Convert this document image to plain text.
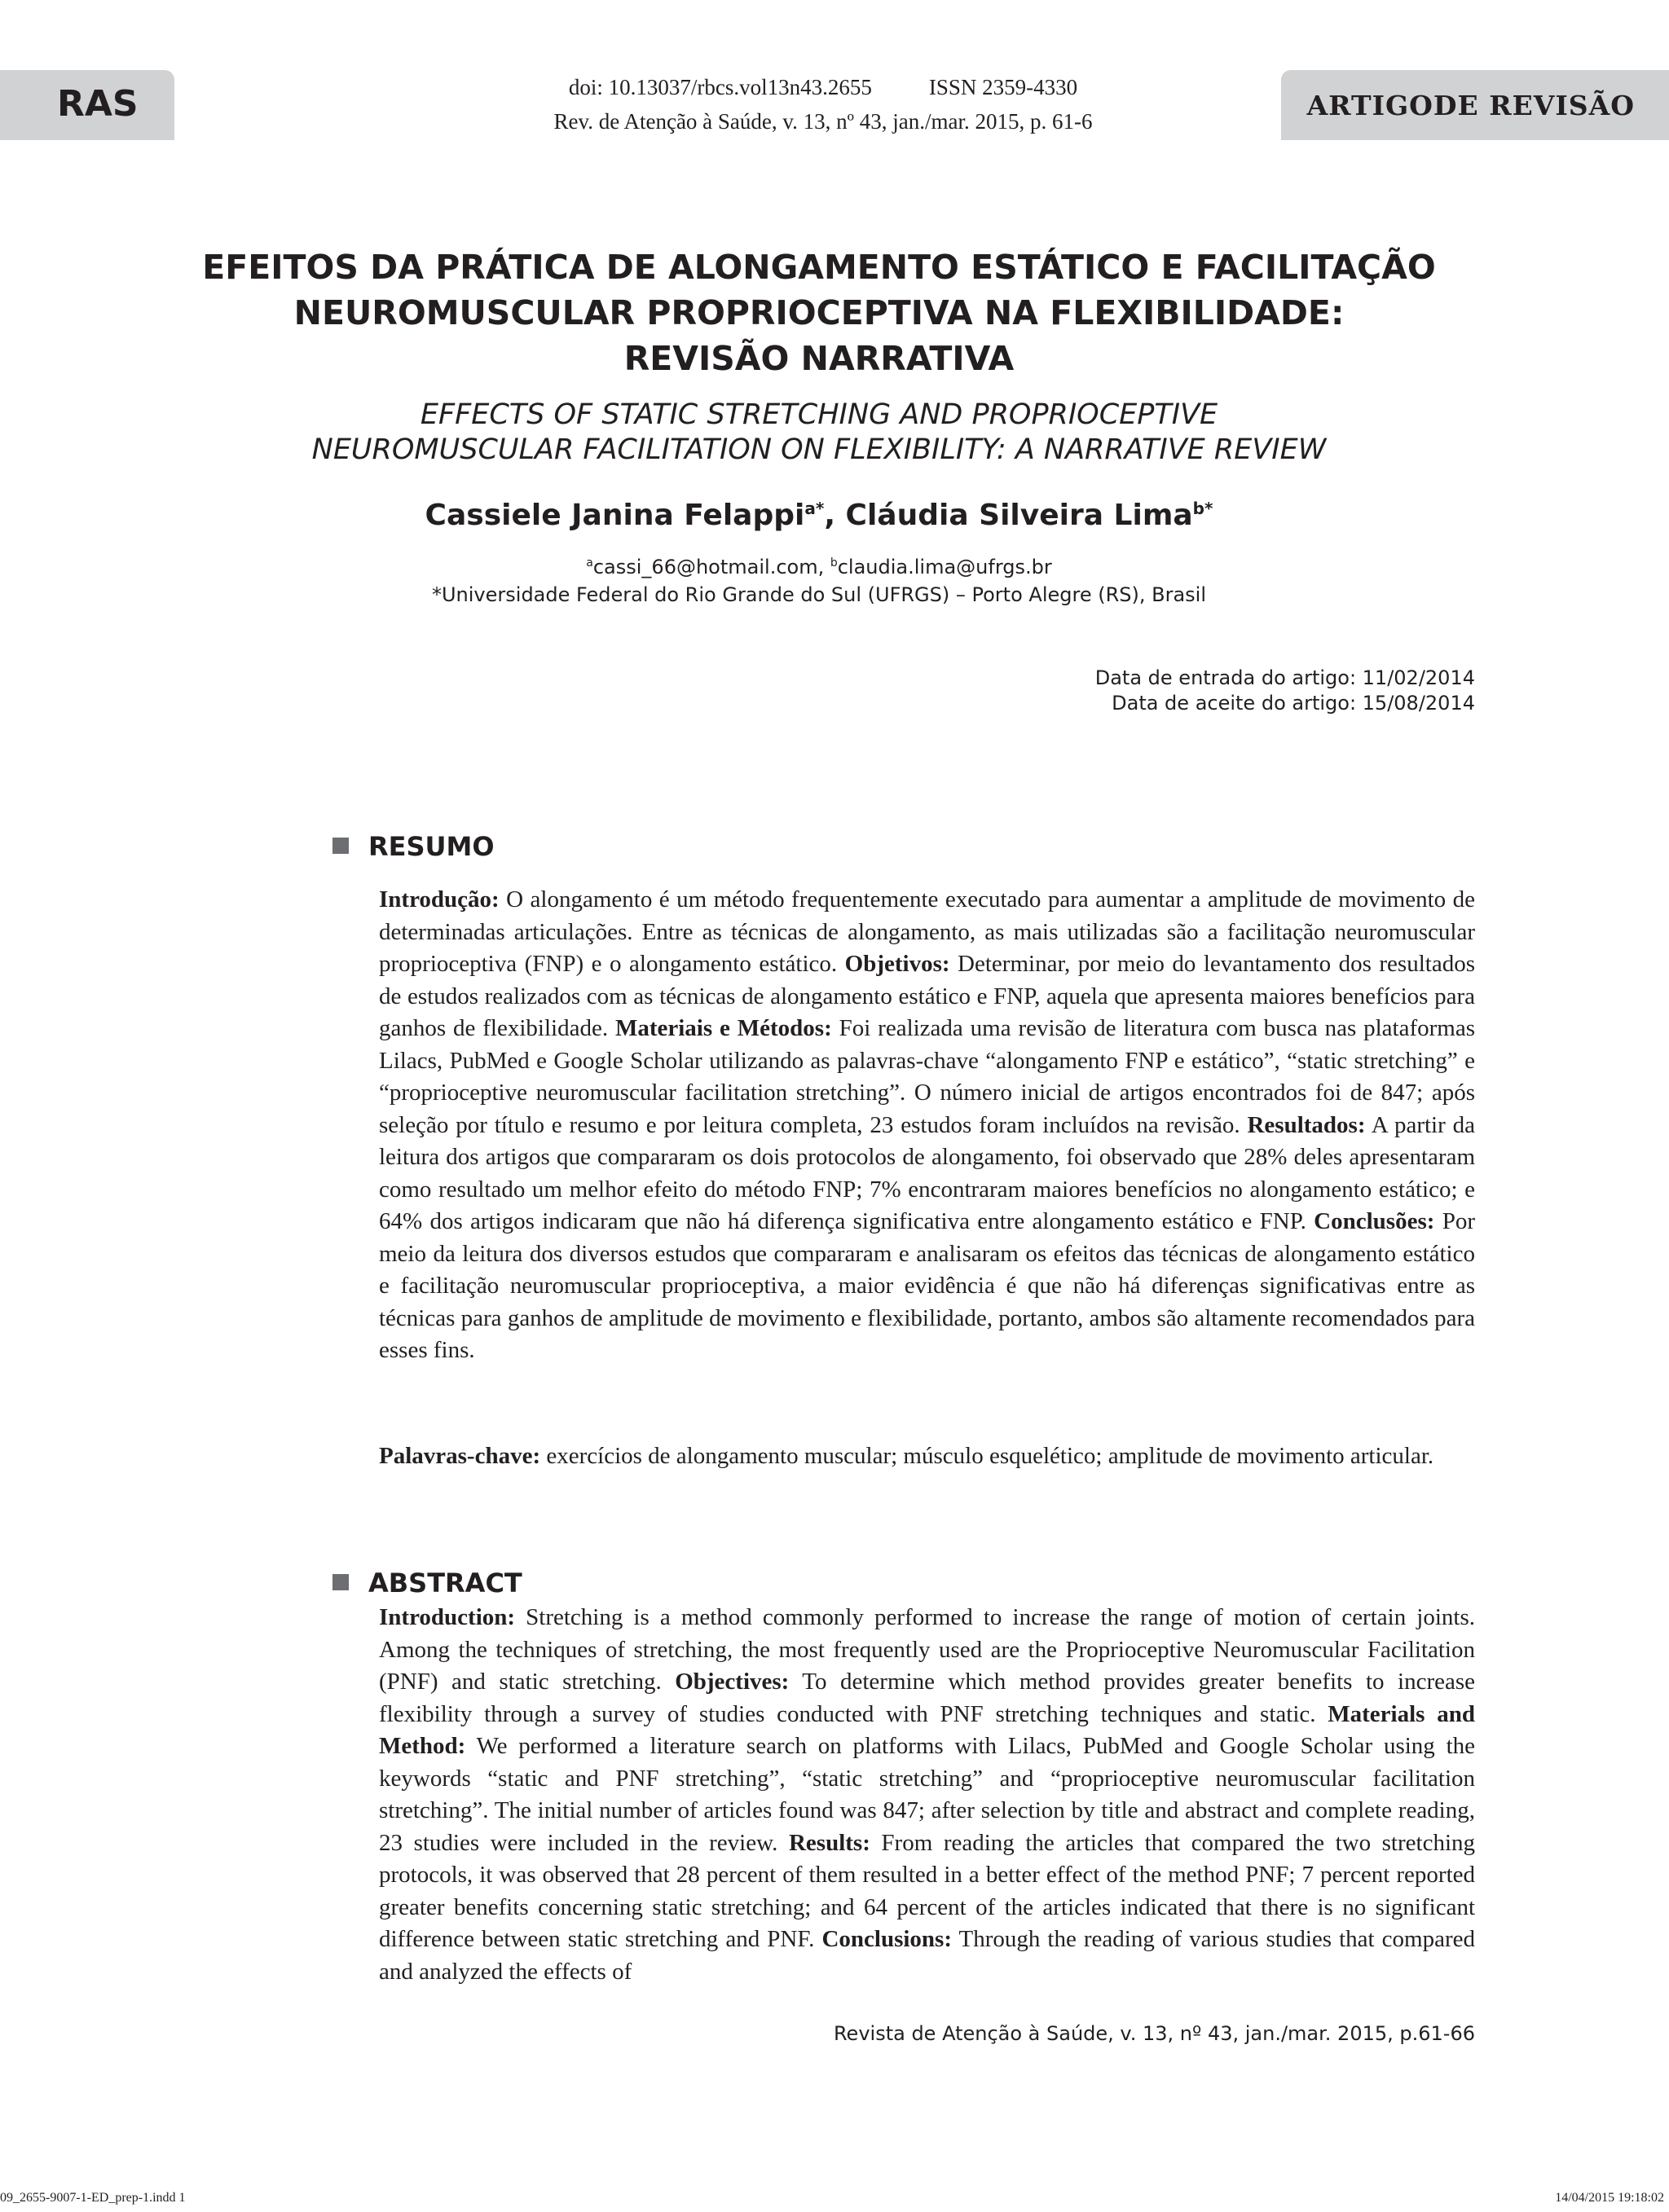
RAS	doi: 10.13037/rbcs.vol13n43.2655	ISSN 2359-4330
Rev. de Atenção à Saúde, v. 13, nº 43, jan./mar. 2015, p. 61-6	ARTIGODE REVISÃO
EFEITOS DA PRÁTICA DE ALONGAMENTO ESTÁTICO E FACILITAÇÃO
NEUROMUSCULAR PROPRIOCEPTIVA NA FLEXIBILIDADE:
REVISÃO NARRATIVA
EFFECTS OF STATIC STRETCHING AND PROPRIOCEPTIVE
NEUROMUSCULAR FACILITATION ON FLEXIBILITY: A NARRATIVE REVIEW
Cassiele Janina Felappi$^{a*}$, Cláudia Silveira Lima$^{b*}$
$^a$cassi_66@hotmail.com, $^b$claudia.lima@ufrgs.br
*Universidade Federal do Rio Grande do Sul (UFRGS) – Porto Alegre (RS), Brasil
Data de entrada do artigo: 11/02/2014
Data de aceite do artigo: 15/08/2014
RESUMO
Introdução: O alongamento é um método frequentemente executado para aumentar a amplitude de movimento de determinadas articulações. Entre as técnicas de alongamento, as mais utilizadas são a facilitação neuromuscular proprioceptiva (FNP) e o alongamento estático. Objetivos: Determinar, por meio do levantamento dos resultados de estudos realizados com as técnicas de alongamento estático e FNP, aquela que apresenta maiores benefícios para ganhos de flexibilidade. Materiais e Métodos: Foi realizada uma revisão de literatura com busca nas plataformas Lilacs, PubMed e Google Scholar utilizando as palavras-chave “alongamento FNP e estático”, “static stretching” e “proprioceptive neuromuscular facilitation stretching”. O número inicial de artigos encontrados foi de 847; após seleção por título e resumo e por leitura completa, 23 estudos foram incluídos na revisão. Resultados: A partir da leitura dos artigos que compararam os dois protocolos de alongamento, foi observado que 28% deles apresentaram como resultado um melhor efeito do método FNP; 7% encontraram maiores benefícios no alongamento estático; e 64% dos artigos indicaram que não há diferença significativa entre alongamento estático e FNP. Conclusões: Por meio da leitura dos diversos estudos que compararam e analisaram os efeitos das técnicas de alongamento estático e facilitação neuromuscular proprioceptiva, a maior evidência é que não há diferenças significativas entre as técnicas para ganhos de amplitude de movimento e flexibilidade, portanto, ambos são altamente recomendados para esses fins.
Palavras-chave: exercícios de alongamento muscular; músculo esquelético; amplitude de movimento articular.
ABSTRACT
Introduction: Stretching is a method commonly performed to increase the range of motion of certain joints. Among the techniques of stretching, the most frequently used are the Proprioceptive Neuromuscular Facilitation (PNF) and static stretching. Objectives: To determine which method provides greater benefits to increase flexibility through a survey of studies conducted with PNF stretching techniques and static. Materials and Method: We performed a literature search on platforms with Lilacs, PubMed and Google Scholar using the keywords “static and PNF stretching”, “static stretching” and “proprioceptive neuromuscular facilitation stretching”. The initial number of articles found was 847; after selection by title and abstract and complete reading, 23 studies were included in the review. Results: From reading the articles that compared the two stretching protocols, it was observed that 28 percent of them resulted in a better effect of the method PNF; 7 percent reported greater benefits concerning static stretching; and 64 percent of the articles indicated that there is no significant difference between static stretching and PNF. Conclusions: Through the reading of various studies that compared and analyzed the effects of
Revista de Atenção à Saúde, v. 13, nº 43, jan./mar. 2015, p.61-66
09_2655-9007-1-ED_prep-1.indd 1	14/04/2015 19:18:02
